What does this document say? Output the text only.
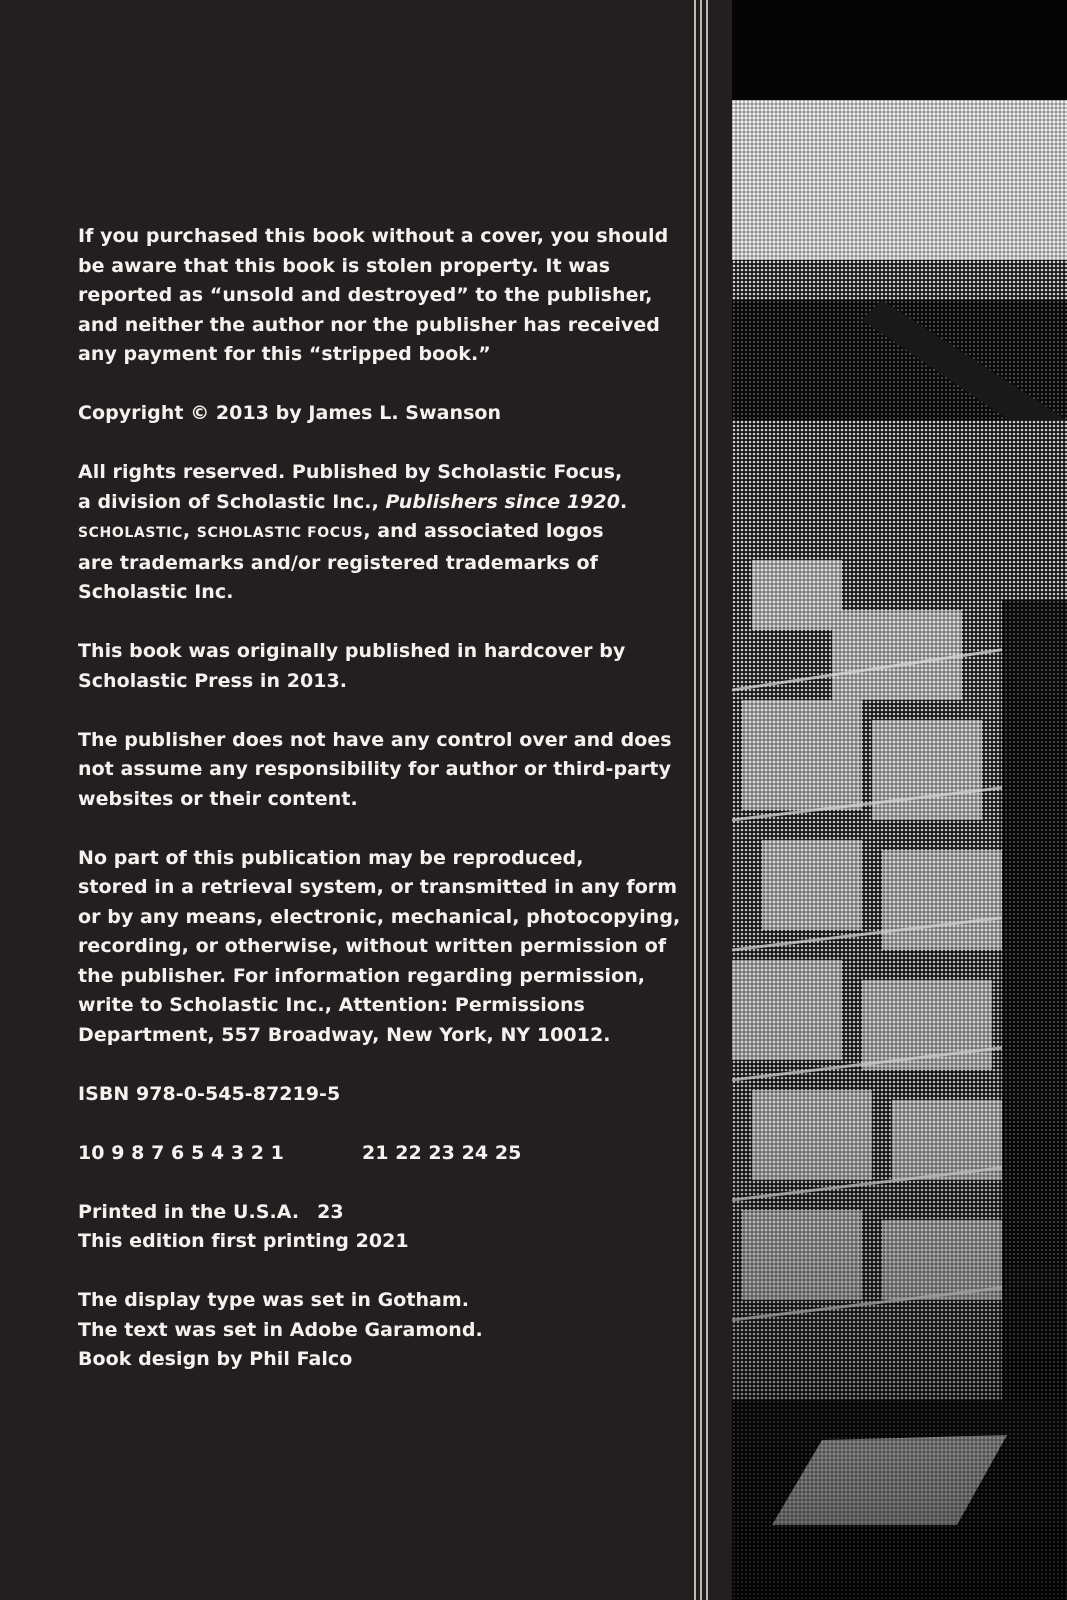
If you purchased this book without a cover, you should
be aware that this book is stolen property. It was
reported as “unsold and destroyed” to the publisher,
and neither the author nor the publisher has received
any payment for this “stripped book.”

Copyright © 2013 by James L. Swanson

All rights reserved. Published by Scholastic Focus,
a division of Scholastic Inc., Publishers since 1920.
SCHOLASTIC, SCHOLASTIC FOCUS, and associated logos
are trademarks and/or registered trademarks of
Scholastic Inc.

This book was originally published in hardcover by
Scholastic Press in 2013.

The publisher does not have any control over and does
not assume any responsibility for author or third-party
websites or their content.

No part of this publication may be reproduced,
stored in a retrieval system, or transmitted in any form
or by any means, electronic, mechanical, photocopying,
recording, or otherwise, without written permission of
the publisher. For information regarding permission,
write to Scholastic Inc., Attention: Permissions
Department, 557 Broadway, New York, NY 10012.

ISBN 978-0-545-87219-5

10 9 8 7 6 5 4 3 2 1	21 22 23 24 25

Printed in the U.S.A. 23
This edition first printing 2021

The display type was set in Gotham.
The text was set in Adobe Garamond.
Book design by Phil Falco
